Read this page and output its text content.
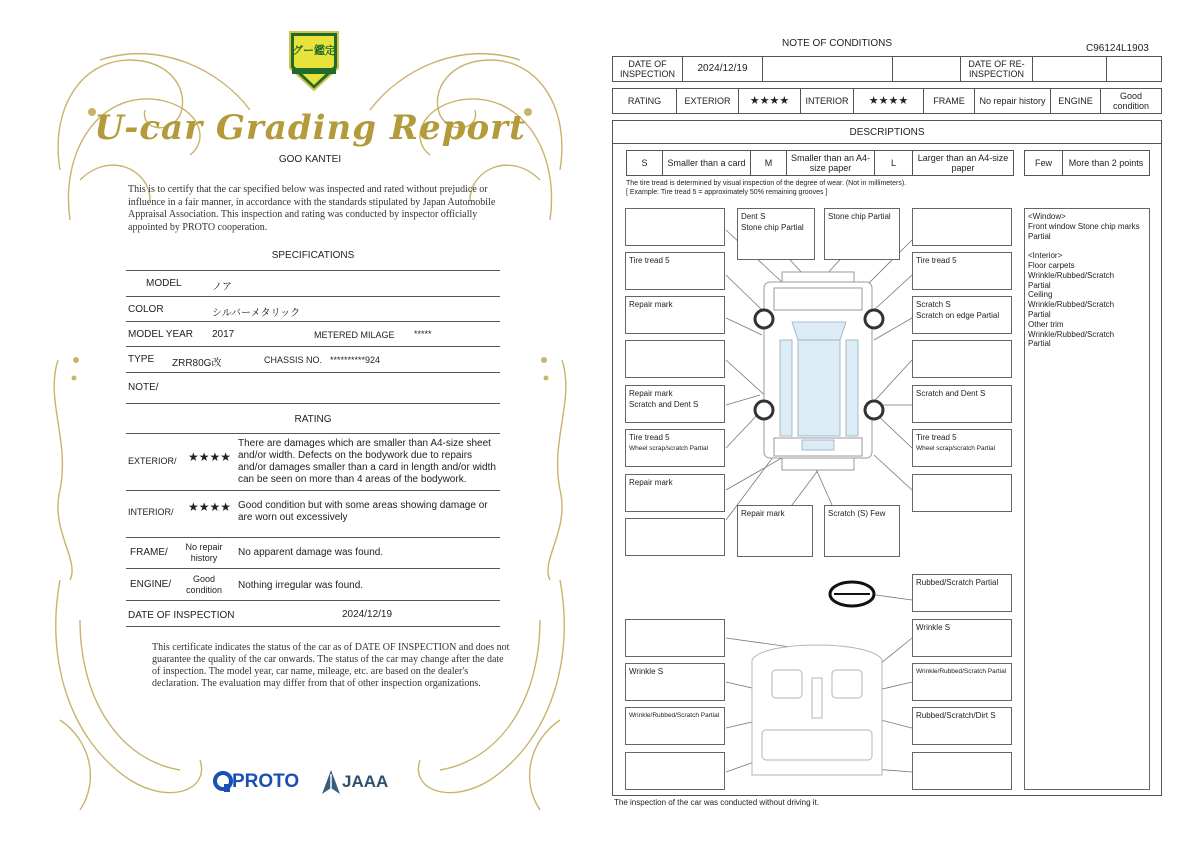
グー鑑定
U-car Grading Report
GOO KANTEI
This is to certify that the car specified below was inspected and rated without prejudice or influence in a fair manner, in accordance with the standards stipulated by Japan Automobile Appraisal Association. This inspection and rating was conducted by inspector officially appointed by PROTO cooperation.
SPECIFICATIONS
MODEL	ノア
COLOR	シルバーメタリック
MODEL YEAR 2017	METERED MILAGE *****
TYPE ZRR80G改	CHASSIS NO. **********924
NOTE/
RATING
EXTERIOR/ ★★★★
There are damages which are smaller than A4-size sheet and/or width. Defects on the bodywork due to repairs and/or damages smaller than a card in length and/or width can be seen on more than 4 areas of the bodywork.
INTERIOR/ ★★★★ Good condition but with some areas showing damage or are worn out excessively
FRAME/	No repair history	No apparent damage was found.
ENGINE/	Good condition	Nothing irregular was found.
DATE OF INSPECTION	2024/12/19
This certificate indicates the status of the car as of DATE OF INSPECTION and does not guarantee the quality of the car onwards. The status of the car may change after the date of inspection. The model year, car name, mileage, etc. are based on the dealer's declaration. The evaluation may differ from that of other inspection organizations.
PROTO	JAAA
NOTE OF CONDITIONS	C96124L1903
DATE OF INSPECTION	2024/12/19	DATE OF RE-INSPECTION
RATING	EXTERIOR	★★★★	INTERIOR	★★★★	FRAME	No repair history	ENGINE	Good condition
DESCRIPTIONS
S	Smaller than a card	M	Smaller than an A4-size paper	L	Larger than an A4-size paper	Few	More than 2 points
The tire tread is determined by visual inspection of the degree of wear. (Not in millimeters).
[ Example: Tire tread 5 = approximately 50% remaining grooves ]
<Window>
Front window Stone chip marks
Partial
<Interior>
Floor carpets
Wrinkle/Rubbed/Scratch
Partial
Ceiling
Wrinkle/Rubbed/Scratch
Partial
Other trim
Wrinkle/Rubbed/Scratch
Partial
Dent S
Stone chip Partial
Stone chip Partial
Tire tread 5
Repair mark
Repair mark
Scratch and Dent S
Tire tread 5
Wheel scrap/scratch Partial
Repair mark
Repair mark	Scratch (S) Few
Tire tread 5
Scratch S
Scratch on edge Partial
Scratch and Dent S
Tire tread 5
Wheel scrap/scratch Partial
Rubbed/Scratch Partial
Wrinkle S
Wrinkle/Rubbed/Scratch Partial
Rubbed/Scratch/Dirt S
Wrinkle S
Wrinkle/Rubbed/Scratch Partial
The inspection of the car was conducted without driving it.
